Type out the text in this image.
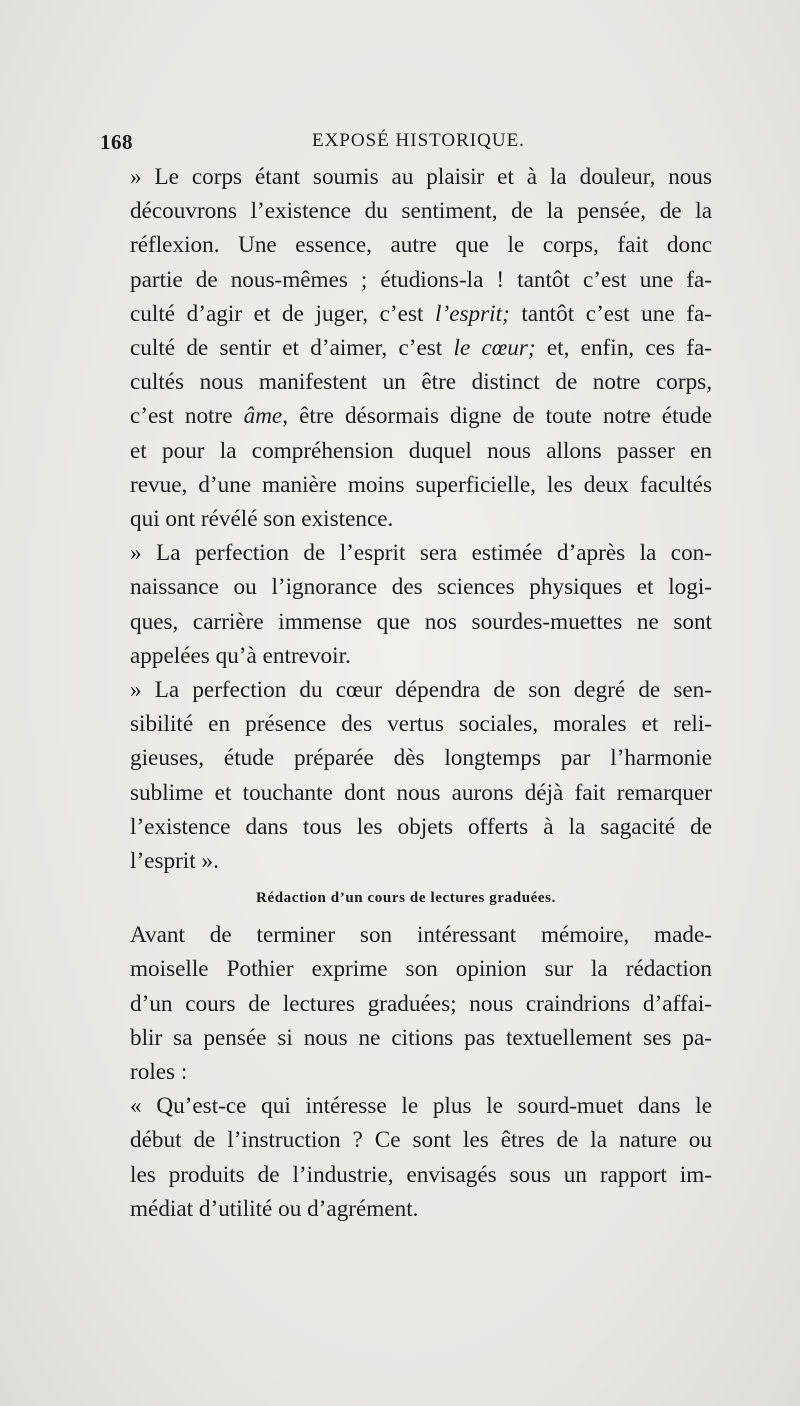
168	EXPOSÉ HISTORIQUE.

» Le corps étant soumis au plaisir et à la douleur, nous
découvrons l’existence du sentiment, de la pensée, de la
réflexion. Une essence, autre que le corps, fait donc
partie de nous-mêmes ; étudions-la ! tantôt c’est une fa-
culté d’agir et de juger, c’est l’esprit; tantôt c’est une fa-
culté de sentir et d’aimer, c’est le cœur; et, enfin, ces fa-
cultés nous manifestent un être distinct de notre corps,
c’est notre âme, être désormais digne de toute notre étude
et pour la compréhension duquel nous allons passer en
revue, d’une manière moins superficielle, les deux facultés
qui ont révélé son existence.

» La perfection de l’esprit sera estimée d’après la con-
naissance ou l’ignorance des sciences physiques et logi-
ques, carrière immense que nos sourdes-muettes ne sont
appelées qu’à entrevoir.

» La perfection du cœur dépendra de son degré de sen-
sibilité en présence des vertus sociales, morales et reli-
gieuses, étude préparée dès longtemps par l’harmonie
sublime et touchante dont nous aurons déjà fait remarquer
l’existence dans tous les objets offerts à la sagacité de
l’esprit ».

Rédaction d’un cours de lectures graduées.

Avant de terminer son intéressant mémoire, made-
moiselle Pothier exprime son opinion sur la rédaction
d’un cours de lectures graduées; nous craindrions d’affai-
blir sa pensée si nous ne citions pas textuellement ses pa-
roles :

« Qu’est-ce qui intéresse le plus le sourd-muet dans le
début de l’instruction ? Ce sont les êtres de la nature ou
les produits de l’industrie, envisagés sous un rapport im-
médiat d’utilité ou d’agrément.
